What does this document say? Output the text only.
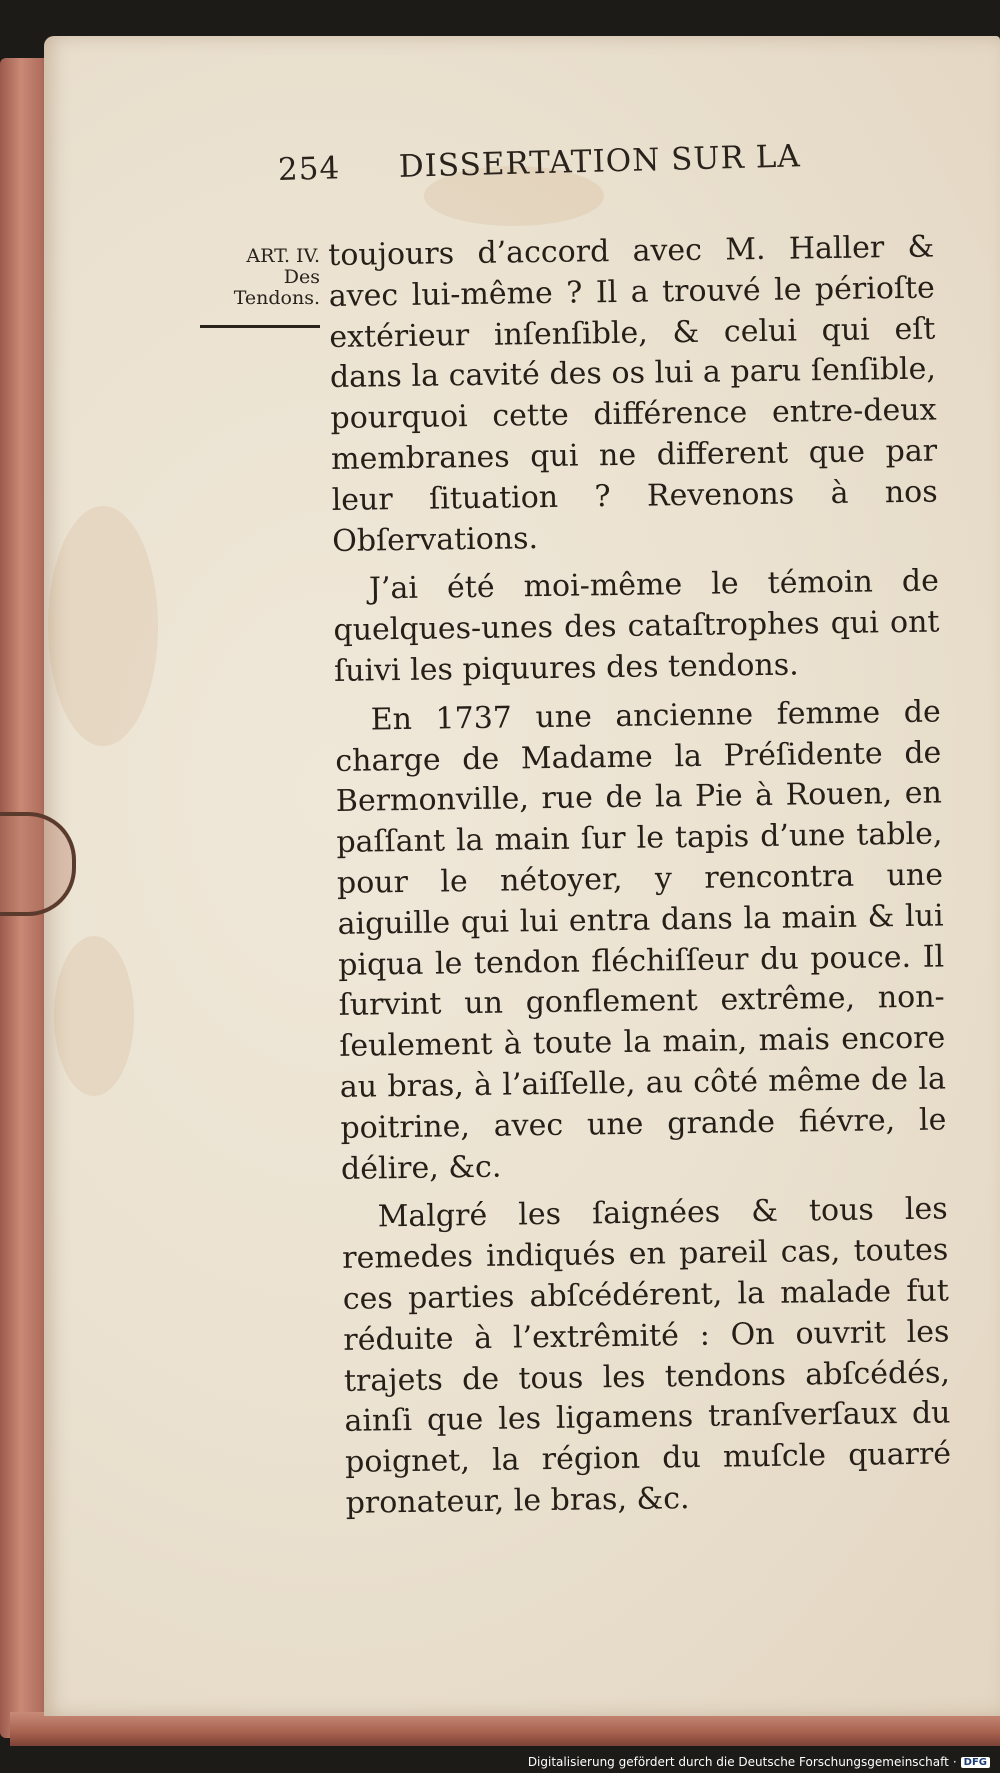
254 DISSERTATION SUR LA
ART. IV.
Des
Tendons.

toujours d’accord avec M. Haller & avec lui-même ? Il a trouvé le périoſte extérieur inſenſible, & celui qui eſt dans la cavité des os lui a paru ſenſible, pourquoi cette différence entre-deux membranes qui ne different que par leur ſituation ? Revenons à nos Obſervations.

J’ai été moi-même le témoin de quelques-unes des cataſtrophes qui ont ſuivi les piquures des tendons.

En 1737 une ancienne femme de charge de Madame la Préſidente de Bermonville, rue de la Pie à Rouen, en paſſant la main ſur le tapis d’une table, pour le nétoyer, y rencontra une aiguille qui lui entra dans la main & lui piqua le tendon fléchiſſeur du pouce. Il ſurvint un gonflement extrême, non-ſeulement à toute la main, mais encore au bras, à l’aiſſelle, au côté même de la poitrine, avec une grande fiévre, le délire, &c.

Malgré les ſaignées & tous les remedes indiqués en pareil cas, toutes ces parties abſcédérent, la malade fut réduite à l’extrêmité : On ouvrit les trajets de tous les tendons abſcédés, ainſi que les ligamens tranſverſaux du poignet, la région du muſcle quarré pronateur, le bras, &c.

Digitalisierung gefördert durch die Deutsche Forschungsgemeinschaft · DFG
